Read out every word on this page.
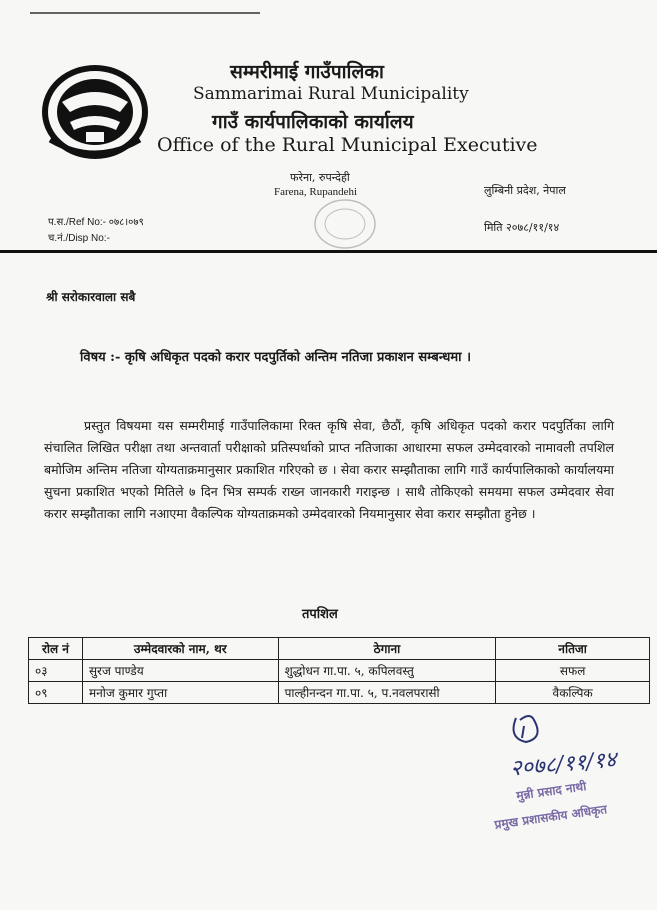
सम्मरीमाई गाउँपालिका
Sammarimai Rural Municipality
गाउँ कार्यपालिकाको कार्यालय
Office of the Rural Municipal Executive
फरेना, रुपन्देही
Farena, Rupandehi	लुम्बिनी प्रदेश, नेपाल
प.स./Ref No:- ०७८।०७९
च.नं./Disp No:-
मिति २०७८/११/१४
श्री सरोकारवाला सबै
विषय :- कृषि अधिकृत पदको करार पदपुर्तिको अन्तिम नतिजा प्रकाशन सम्बन्धमा ।
प्रस्तुत विषयमा यस सम्मरीमाई गाउँपालिकामा रिक्त कृषि सेवा, छैठौं, कृषि अधिकृत पदको करार पदपुर्तिका लागि संचालित लिखित परीक्षा तथा अन्तवार्ता परीक्षाको प्रतिस्पर्धाको प्राप्त नतिजाका आधारमा सफल उम्मेदवारको नामावली तपशिल बमोजिम अन्तिम नतिजा योग्यताक्रमानुसार प्रकाशित गरिएको छ । सेवा करार सम्झौताका लागि गाउँ कार्यपालिकाको कार्यालयमा सुचना प्रकाशित भएको मितिले ७ दिन भित्र सम्पर्क राख्न जानकारी गराइन्छ । साथै तोकिएको समयमा सफल उम्मेदवार सेवा करार सम्झौताका लागि नआएमा वैकल्पिक योग्यताक्रमको उम्मेदवारको नियमानुसार सेवा करार सम्झौता हुनेछ ।
तपशिल
रोल नं	उम्मेदवारको नाम, थर	ठेगाना	नतिजा
०३	सुरज पाण्डेय	शुद्धोधन गा.पा. ५, कपिलवस्तु	सफल
०९	मनोज कुमार गुप्ता	पाल्हीनन्दन गा.पा. ५, प.नवलपरासी	वैकल्पिक
२०७८/११/१४
मुन्नी प्रसाद नाथी
प्रमुख प्रशासकीय अधिकृत
